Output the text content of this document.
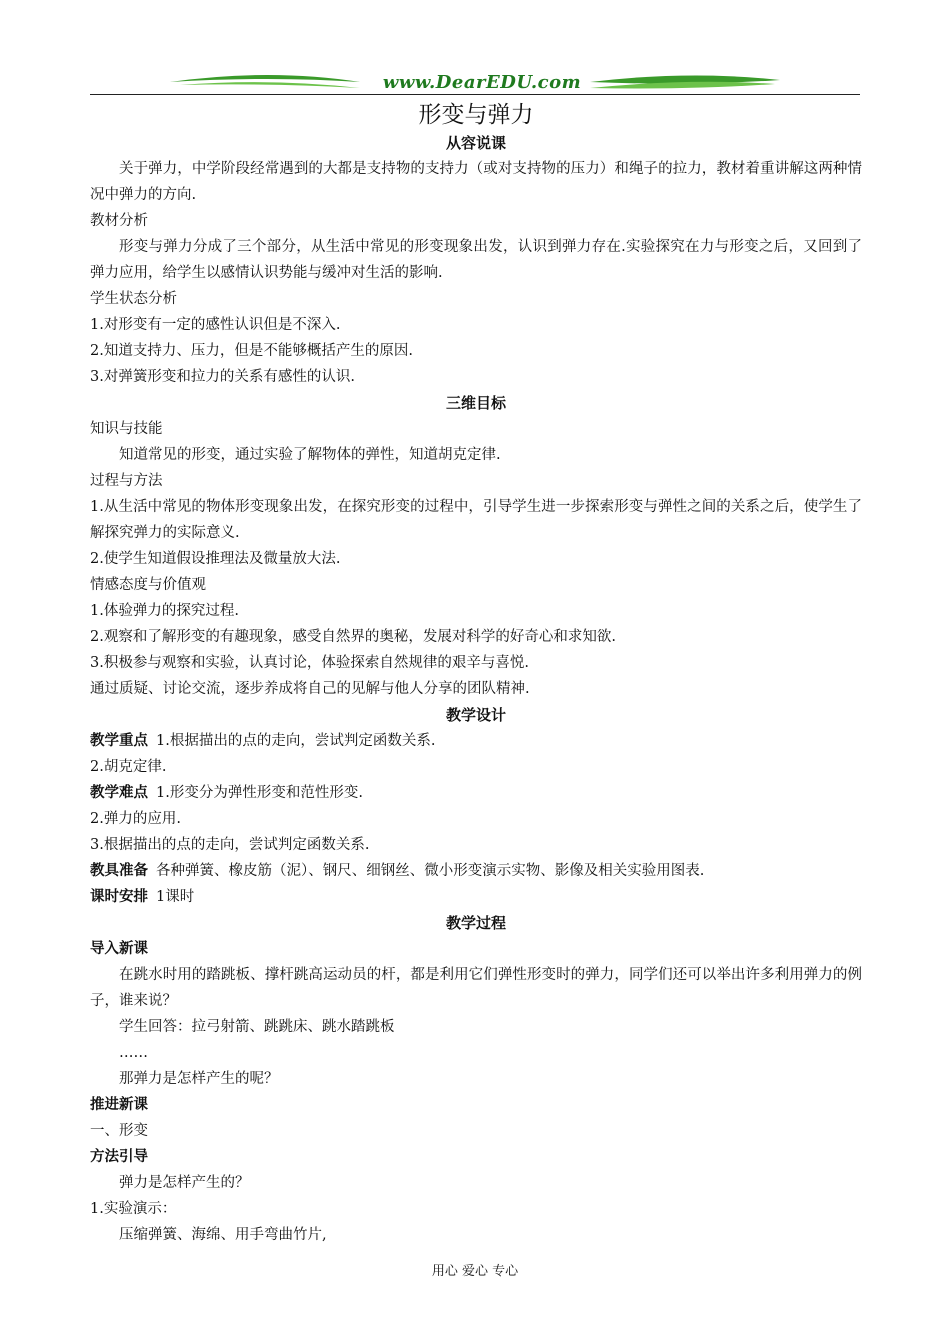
www.DearEDU.com
形变与弹力
从容说课
关于弹力，中学阶段经常遇到的大都是支持物的支持力（或对支持物的压力）和绳子的拉力，教材着重讲解这两种情况中弹力的方向.
教材分析
形变与弹力分成了三个部分，从生活中常见的形变现象出发，认识到弹力存在.实验探究在力与形变之后，又回到了弹力应用，给学生以感情认识势能与缓冲对生活的影响.
学生状态分析
1.对形变有一定的感性认识但是不深入.
2.知道支持力、压力，但是不能够概括产生的原因.
3.对弹簧形变和拉力的关系有感性的认识.
三维目标
知识与技能
知道常见的形变，通过实验了解物体的弹性，知道胡克定律.
过程与方法
1.从生活中常见的物体形变现象出发，在探究形变的过程中，引导学生进一步探索形变与弹性之间的关系之后，使学生了解探究弹力的实际意义.
2.使学生知道假设推理法及微量放大法.
情感态度与价值观
1.体验弹力的探究过程.
2.观察和了解形变的有趣现象，感受自然界的奥秘，发展对科学的好奇心和求知欲.
3.积极参与观察和实验，认真讨论，体验探索自然规律的艰辛与喜悦.
通过质疑、讨论交流，逐步养成将自己的见解与他人分享的团队精神.
教学设计
教学重点 1.根据描出的点的走向，尝试判定函数关系.
2.胡克定律.
教学难点 1.形变分为弹性形变和范性形变.
2.弹力的应用.
3.根据描出的点的走向，尝试判定函数关系.
教具准备 各种弹簧、橡皮筋（泥）、钢尺、细钢丝、微小形变演示实物、影像及相关实验用图表.
课时安排 1课时
教学过程
导入新课
在跳水时用的踏跳板、撑杆跳高运动员的杆，都是利用它们弹性形变时的弹力，同学们还可以举出许多利用弹力的例子，谁来说？
学生回答：拉弓射箭、跳跳床、跳水踏跳板
……
那弹力是怎样产生的呢？
推进新课
一、形变
方法引导
弹力是怎样产生的？
1.实验演示：
压缩弹簧、海绵、用手弯曲竹片,
用心 爱心 专心
